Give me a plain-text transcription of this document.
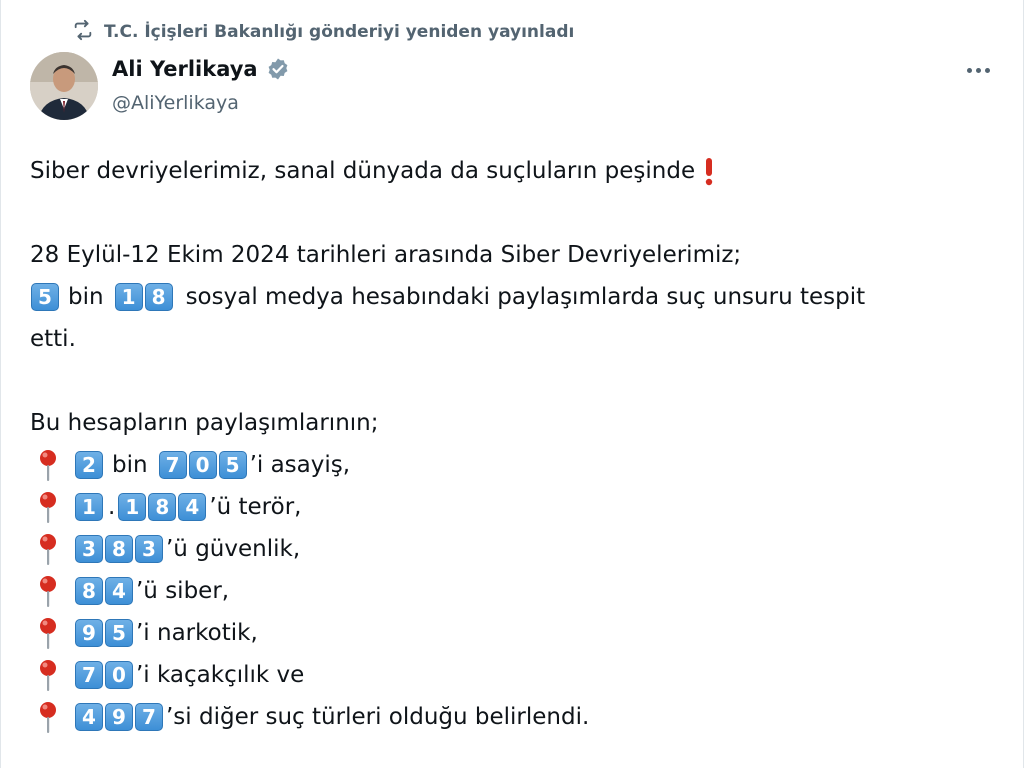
T.C. İçişleri Bakanlığı gönderiyi yeniden yayınladı
Ali Yerlikaya
@AliYerlikaya
Siber devriyelerimiz, sanal dünyada da suçluların peşinde
28 Eylül-12 Ekim 2024 tarihleri arasında Siber Devriyelerimiz;
5 bin 1 8 sosyal medya hesabındaki paylaşımlarda suç unsuru tespit
etti.
Bu hesapların paylaşımlarının;
2 bin 7 0 5 ’i asayiş,
1 . 1 8 4 ’ü terör,
3 8 3 ’ü güvenlik,
8 4 ’ü siber,
9 5 ’i narkotik,
7 0 ’i kaçakçılık ve
4 9 7 ’si diğer suç türleri olduğu belirlendi.
